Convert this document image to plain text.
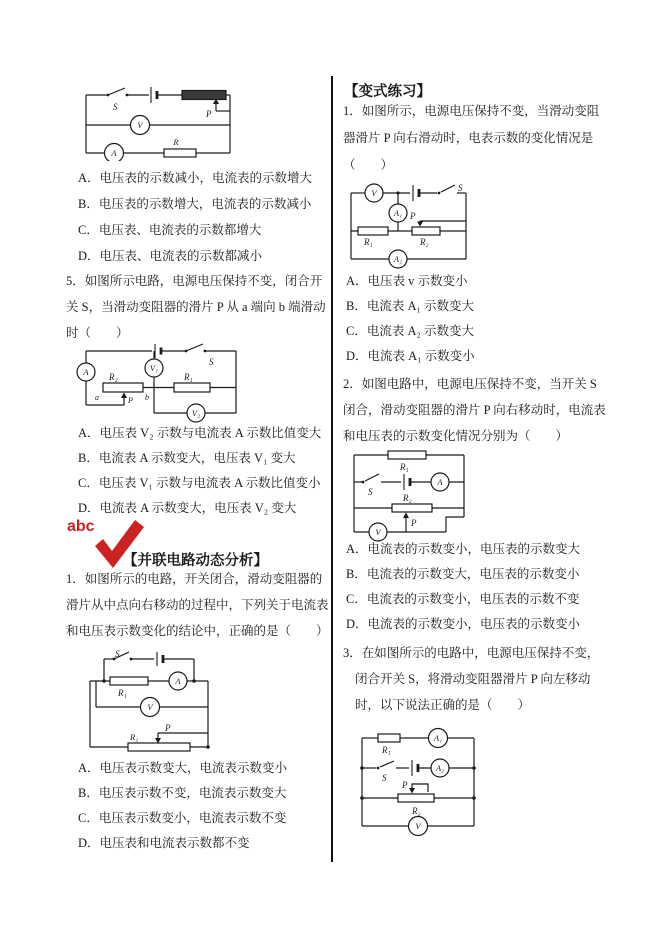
V
A
R
S
P
A．电压表的示数减小，电流表的示数增大
B．电压表的示数增大，电流表的示数减小
C．电压表、电流表的示数都增大
D．电压表、电流表的示数都减小
5．如图所示电路，电源电压保持不变，闭合开
关 S，当滑动变阻器的滑片 P 从 a 端向 b 端滑动
时（　　）
S
A R₂
a	P b
V₁
R₁
V₂
A．电压表 V₂ 示数与电流表 A 示数比值变大
B．电流表 A 示数变大，电压表 V₁ 变大
C．电压表 V₁ 示数与电流表 A 示数比值变小
D．电流表 A 示数变大，电压表 V₂ 变大
abc
【并联电路动态分析】
1．如图所示的电路，开关闭合，滑动变阻器的
滑片从中点向右移动的过程中，下列关于电流表
和电压表示数变化的结论中，正确的是（　　）
S
R₁
A
V
R₂
P
A．电压表示数变大，电流表示数变小
B．电压表示数不变，电流表示数变大
C．电压表示数变小，电流表示数不变
D．电压表和电流表示数都不变
【变式练习】
1．如图所示，电源电压保持不变，当滑动变阻
器滑片 P 向右滑动时，电表示数的变化情况是
（　　）
V	S
A₂
A₁
R₁	R₂
P
A．电压表 v 示数变小
B．电流表 A₁ 示数变大
C．电流表 A₂ 示数变大
D．电流表 A₁ 示数变小
2．如图电路中，电源电压保持不变，当开关 S
闭合，滑动变阻器的滑片 P 向右移动时，电流表
和电压表的示数变化情况分别为（　　）
R₁
S
A
R₂
P
V
A．电流表的示数变小，电压表的示数变大
B．电流表的示数变大，电压表的示数变小
C．电流表的示数变小，电压表的示数不变
D．电流表的示数变小，电压表的示数变小
3．在如图所示的电路中，电源电压保持不变，
闭合开关 S，将滑动变阻器滑片 P 向左移动
时，以下说法正确的是（　　）
R₁
A₁
S
A₂
R₂
P
V
